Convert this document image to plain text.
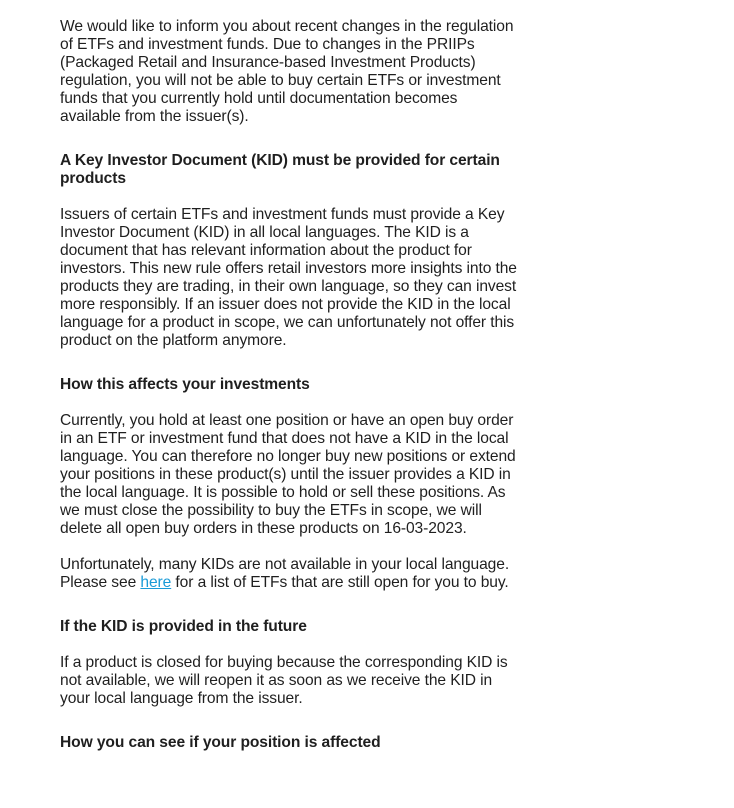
We would like to inform you about recent changes in the regulation of ETFs and investment funds. Due to changes in the PRIIPs (Packaged Retail and Insurance-based Investment Products) regulation, you will not be able to buy certain ETFs or investment funds that you currently hold until documentation becomes available from the issuer(s).

A Key Investor Document (KID) must be provided for certain products

Issuers of certain ETFs and investment funds must provide a Key Investor Document (KID) in all local languages. The KID is a document that has relevant information about the product for investors. This new rule offers retail investors more insights into the products they are trading, in their own language, so they can invest more responsibly. If an issuer does not provide the KID in the local language for a product in scope, we can unfortunately not offer this product on the platform anymore.

How this affects your investments

Currently, you hold at least one position or have an open buy order in an ETF or investment fund that does not have a KID in the local language. You can therefore no longer buy new positions or extend your positions in these product(s) until the issuer provides a KID in the local language. It is possible to hold or sell these positions. As we must close the possibility to buy the ETFs in scope, we will delete all open buy orders in these products on 16-03-2023.

Unfortunately, many KIDs are not available in your local language. Please see here for a list of ETFs that are still open for you to buy.

If the KID is provided in the future

If a product is closed for buying because the corresponding KID is not available, we will reopen it as soon as we receive the KID in your local language from the issuer.

How you can see if your position is affected
